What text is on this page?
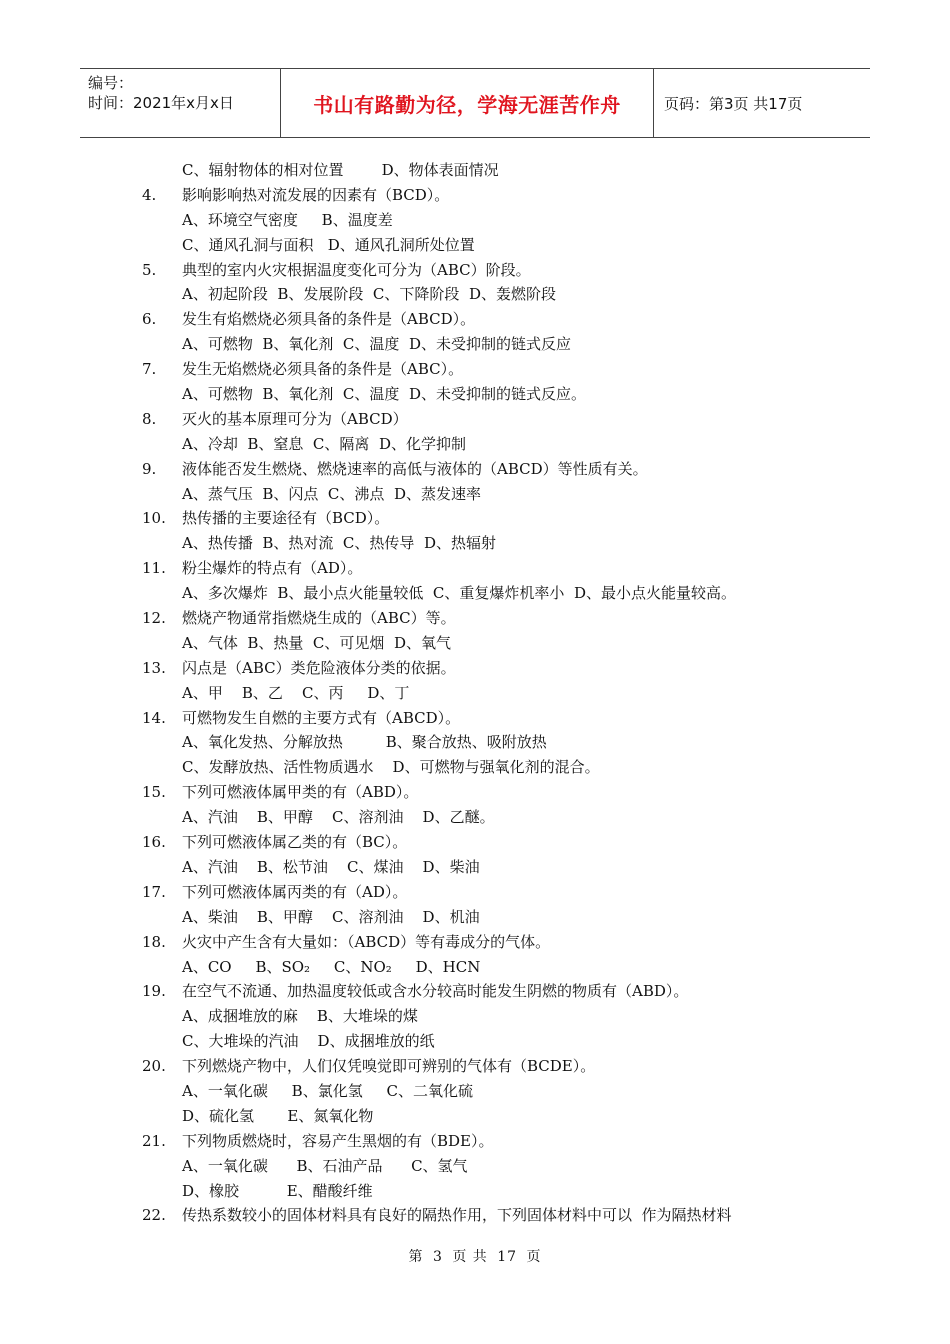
编号：
时间：2021年x月x日	书山有路勤为径，学海无涯苦作舟	页码：第3页 共17页
C、辐射物体的相对位置        D、物体表面情况
4.	影响影响热对流发展的因素有（BCD）。
A、环境空气密度     B、温度差
C、通风孔洞与面积   D、通风孔洞所处位置
5.	典型的室内火灾根据温度变化可分为（ABC）阶段。
A、初起阶段  B、发展阶段  C、下降阶段  D、轰燃阶段
6.	发生有焰燃烧必须具备的条件是（ABCD）。
A、可燃物  B、氧化剂  C、温度  D、未受抑制的链式反应
7.	发生无焰燃烧必须具备的条件是（ABC）。
A、可燃物  B、氧化剂  C、温度  D、未受抑制的链式反应。
8.	灭火的基本原理可分为（ABCD）
A、冷却  B、窒息  C、隔离  D、化学抑制
9.	液体能否发生燃烧、燃烧速率的高低与液体的（ABCD）等性质有关。
A、蒸气压  B、闪点  C、沸点  D、蒸发速率
10.	热传播的主要途径有（BCD）。
A、热传播  B、热对流  C、热传导  D、热辐射
11.	粉尘爆炸的特点有（AD）。
A、多次爆炸  B、最小点火能量较低  C、重复爆炸机率小  D、最小点火能量较高。
12.	燃烧产物通常指燃烧生成的（ABC）等。
A、气体  B、热量  C、可见烟  D、氧气
13.	闪点是（ABC）类危险液体分类的依据。
A、甲    B、乙    C、丙     D、丁
14.	可燃物发生自燃的主要方式有（ABCD）。
A、氧化发热、分解放热         B、聚合放热、吸附放热
C、发酵放热、活性物质遇水    D、可燃物与强氧化剂的混合。
15.	下列可燃液体属甲类的有（ABD）。
A、汽油    B、甲醇    C、溶剂油    D、乙醚。
16.	下列可燃液体属乙类的有（BC）。
A、汽油    B、松节油    C、煤油    D、柴油
17.	下列可燃液体属丙类的有（AD）。
A、柴油    B、甲醇    C、溶剂油    D、机油
18.	火灾中产生含有大量如：（ABCD）等有毒成分的气体。
A、CO     B、SO₂     C、NO₂     D、HCN
19.	在空气不流通、加热温度较低或含水分较高时能发生阴燃的物质有（ABD）。
A、成捆堆放的麻    B、大堆垛的煤
C、大堆垛的汽油    D、成捆堆放的纸
20.	下列燃烧产物中，人们仅凭嗅觉即可辨别的气体有（BCDE）。
A、一氧化碳     B、氯化氢     C、二氧化硫
D、硫化氢       E、氮氧化物
21.	下列物质燃烧时，容易产生黑烟的有（BDE）。
A、一氧化碳      B、石油产品      C、氢气
D、橡胶          E、醋酸纤维
22.	传热系数较小的固体材料具有良好的隔热作用，下列固体材料中可以  作为隔热材料
第 3 页 共 17 页
